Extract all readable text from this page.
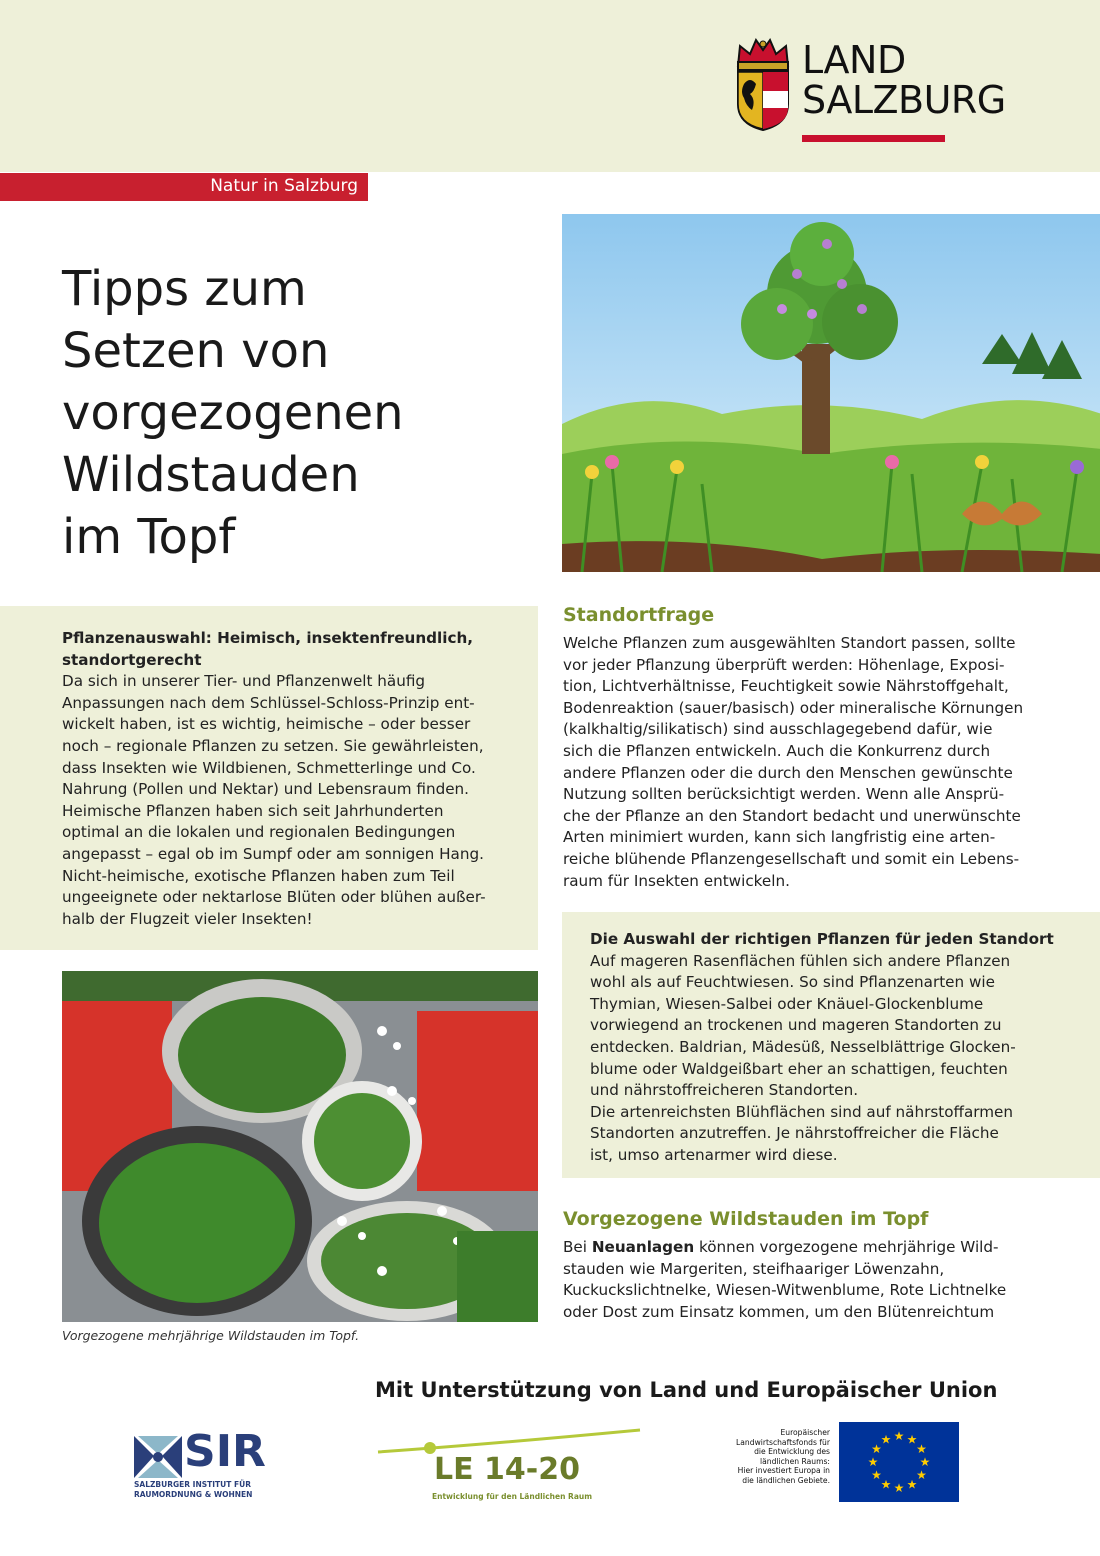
LAND
SALZBURG
Natur in Salzburg
Tipps zum
Setzen von
vorgezogenen
Wildstauden
im Topf
Pflanzenauswahl: Heimisch, insektenfreundlich,
standortgerecht
Da sich in unserer Tier- und Pflanzenwelt häufig
Anpassungen nach dem Schlüssel-Schloss-Prinzip ent-
wickelt haben, ist es wichtig, heimische – oder besser
noch – regionale Pflanzen zu setzen. Sie gewährleisten,
dass Insekten wie Wildbienen, Schmetterlinge und Co.
Nahrung (Pollen und Nektar) und Lebensraum finden.
Heimische Pflanzen haben sich seit Jahrhunderten
optimal an die lokalen und regionalen Bedingungen
angepasst – egal ob im Sumpf oder am sonnigen Hang.
Nicht-heimische, exotische Pflanzen haben zum Teil
ungeeignete oder nektarlose Blüten oder blühen außer-
halb der Flugzeit vieler Insekten!
Vorgezogene mehrjährige Wildstauden im Topf.
Standortfrage
Welche Pflanzen zum ausgewählten Standort passen, sollte
vor jeder Pflanzung überprüft werden: Höhenlage, Exposi-
tion, Lichtverhältnisse, Feuchtigkeit sowie Nährstoffgehalt,
Bodenreaktion (sauer/basisch) oder mineralische Körnungen
(kalkhaltig/silikatisch) sind ausschlagegebend dafür, wie
sich die Pflanzen entwickeln. Auch die Konkurrenz durch
andere Pflanzen oder die durch den Menschen gewünschte
Nutzung sollten berücksichtigt werden. Wenn alle Ansprü-
che der Pflanze an den Standort bedacht und unerwünschte
Arten minimiert wurden, kann sich langfristig eine arten-
reiche blühende Pflanzengesellschaft und somit ein Lebens-
raum für Insekten entwickeln.
Die Auswahl der richtigen Pflanzen für jeden Standort
Auf mageren Rasenflächen fühlen sich andere Pflanzen
wohl als auf Feuchtwiesen. So sind Pflanzenarten wie
Thymian, Wiesen-Salbei oder Knäuel-Glockenblume
vorwiegend an trockenen und mageren Standorten zu
entdecken. Baldrian, Mädesüß, Nesselblättrige Glocken-
blume oder Waldgeißbart eher an schattigen, feuchten
und nährstoffreicheren Standorten.
Die artenreichsten Blühflächen sind auf nährstoffarmen
Standorten anzutreffen. Je nährstoffreicher die Fläche
ist, umso artenarmer wird diese.
Vorgezogene Wildstauden im Topf
Bei Neuanlagen können vorgezogene mehrjährige Wild-
stauden wie Margeriten, steifhaariger Löwenzahn,
Kuckuckslichtnelke, Wiesen-Witwenblume, Rote Lichtnelke
oder Dost zum Einsatz kommen, um den Blütenreichtum
Mit Unterstützung von Land und Europäischer Union
SIR
SALZBURGER INSTITUT FÜR
RAUMORDNUNG & WOHNEN
LE 14-20
Entwicklung für den Ländlichen Raum
Europäischer
Landwirtschaftsfonds für
die Entwicklung des
ländlichen Raums:
Hier investiert Europa in
die ländlichen Gebiete.
★
★
★
★
★
★
★
★
★ ★ ★
★
